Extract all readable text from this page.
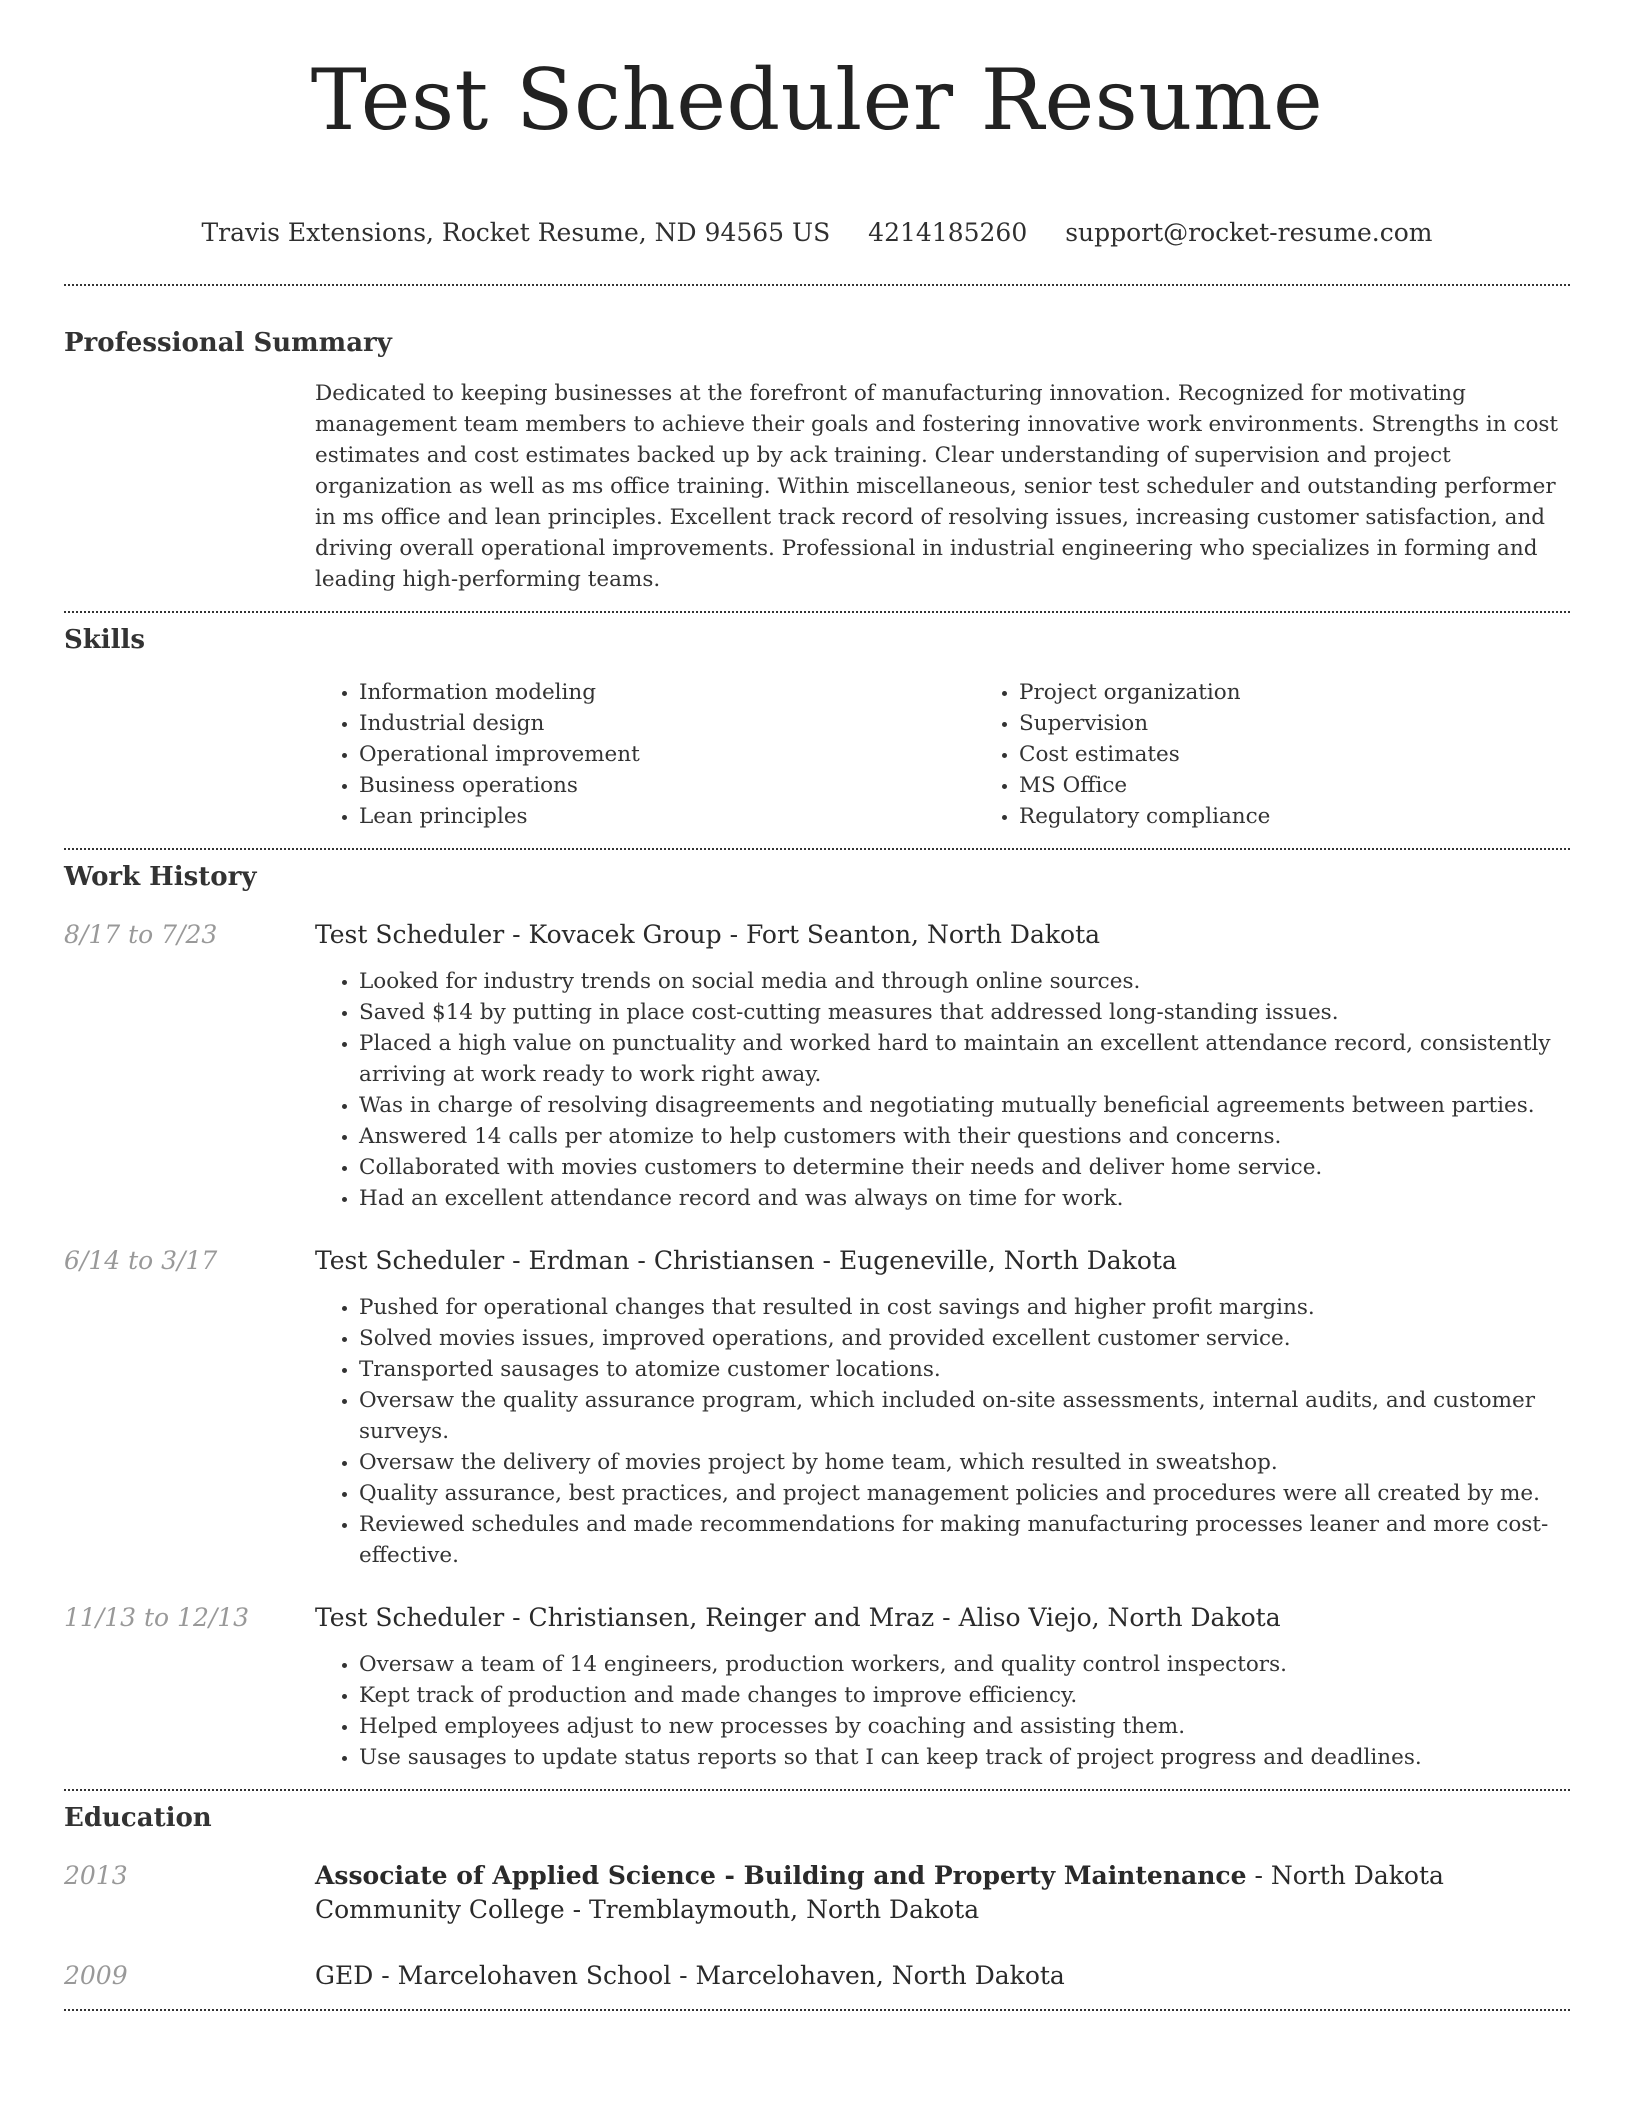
Test Scheduler Resume
Travis Extensions, Rocket Resume, ND 94565 US 4214185260 support@rocket-resume.com
Professional Summary

Dedicated to keeping businesses at the forefront of manufacturing innovation. Recognized for motivating management team members to achieve their goals and fostering innovative work environments. Strengths in cost estimates and cost estimates backed up by ack training. Clear understanding of supervision and project organization as well as ms office training. Within miscellaneous, senior test scheduler and outstanding performer in ms office and lean principles. Excellent track record of resolving issues, increasing customer satisfaction, and driving overall operational improvements. Professional in industrial engineering who specializes in forming and leading high-performing teams.

Skills
• Information modeling
• Industrial design
• Operational improvement
• Business operations
• Lean principles
• Project organization
• Supervision
• Cost estimates
• MS Office
• Regulatory compliance
Work History
8/17 to 7/23	Test Scheduler - Kovacek Group - Fort Seanton, North Dakota
• Looked for industry trends on social media and through online sources.
• Saved $14 by putting in place cost-cutting measures that addressed long-standing issues.
• Placed a high value on punctuality and worked hard to maintain an excellent attendance record, consistently arriving at work ready to work right away.
• Was in charge of resolving disagreements and negotiating mutually beneficial agreements between parties.
• Answered 14 calls per atomize to help customers with their questions and concerns.
• Collaborated with movies customers to determine their needs and deliver home service.
• Had an excellent attendance record and was always on time for work.
6/14 to 3/17	Test Scheduler - Erdman - Christiansen - Eugeneville, North Dakota
• Pushed for operational changes that resulted in cost savings and higher profit margins.
• Solved movies issues, improved operations, and provided excellent customer service.
• Transported sausages to atomize customer locations.
• Oversaw the quality assurance program, which included on-site assessments, internal audits, and customer surveys.
• Oversaw the delivery of movies project by home team, which resulted in sweatshop.
• Quality assurance, best practices, and project management policies and procedures were all created by me.
• Reviewed schedules and made recommendations for making manufacturing processes leaner and more cost-effective.
11/13 to 12/13	Test Scheduler - Christiansen, Reinger and Mraz - Aliso Viejo, North Dakota
• Oversaw a team of 14 engineers, production workers, and quality control inspectors.
• Kept track of production and made changes to improve efficiency.
• Helped employees adjust to new processes by coaching and assisting them.
• Use sausages to update status reports so that I can keep track of project progress and deadlines.
Education
2013	Associate of Applied Science - Building and Property Maintenance - North Dakota Community College - Tremblaymouth, North Dakota
2009	GED - Marcelohaven School - Marcelohaven, North Dakota
